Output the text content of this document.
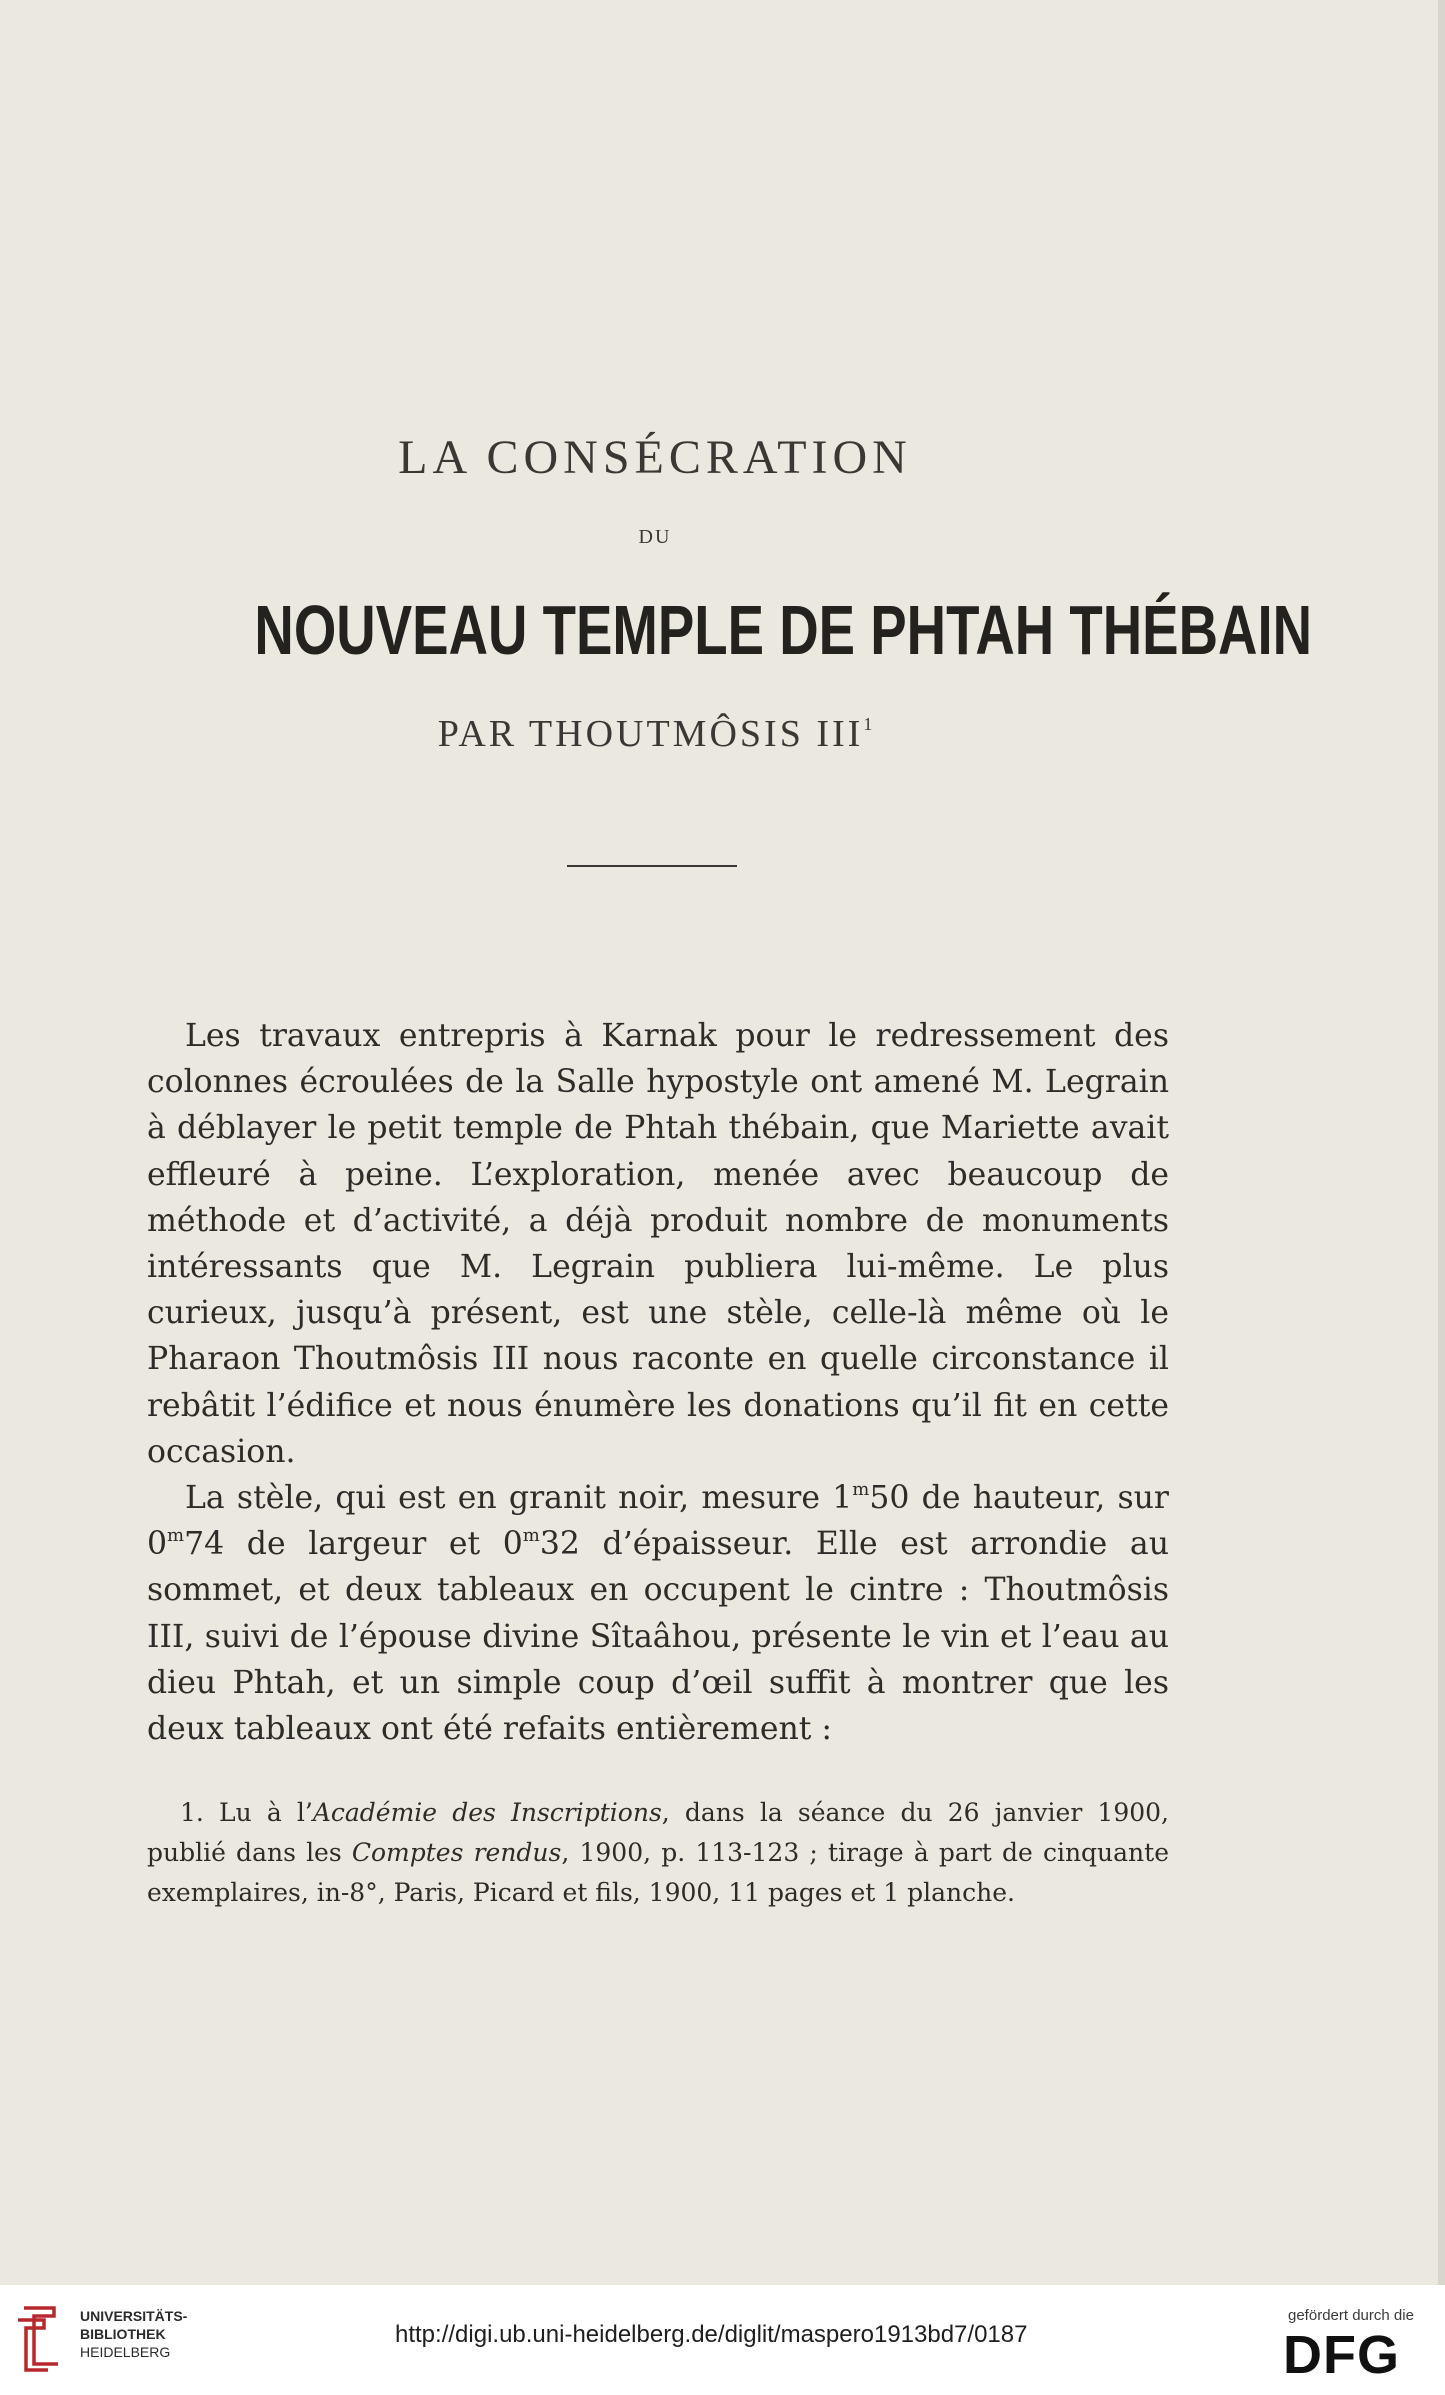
LA CONSÉCRATION
DU
NOUVEAU TEMPLE DE PHTAH THÉBAIN
PAR THOUTMÔSIS III$^1$

Les travaux entrepris à Karnak pour le redressement des colonnes écroulées de la Salle hypostyle ont amené M. Legrain à déblayer le petit temple de Phtah thébain, que Mariette avait effleuré à peine. L’exploration, menée avec beaucoup de méthode et d’activité, a déjà produit nombre de monuments intéressants que M. Legrain publiera lui-même. Le plus curieux, jusqu’à présent, est une stèle, celle-là même où le Pharaon Thoutmôsis III nous raconte en quelle circonstance il rebâtit l’édifice et nous énumère les donations qu’il fit en cette occasion.

La stèle, qui est en granit noir, mesure 1$^m$50 de hauteur, sur 0$^m$74 de largeur et 0$^m$32 d’épaisseur. Elle est arrondie au sommet, et deux tableaux en occupent le cintre : Thoutmôsis III, suivi de l’épouse divine Sîtaâhou, présente le vin et l’eau au dieu Phtah, et un simple coup d’œil suffit à montrer que les deux tableaux ont été refaits entièrement :

1. Lu à l’Académie des Inscriptions, dans la séance du 26 janvier 1900, publié dans les Comptes rendus, 1900, p. 113-123 ; tirage à part de cinquante exemplaires, in-8°, Paris, Picard et fils, 1900, 11 pages et 1 planche.

UNIVERSITÄTS-
BIBLIOTHEK
HEIDELBERG
http://digi.ub.uni-heidelberg.de/diglit/maspero1913bd7/0187
gefördert durch die
DFG
